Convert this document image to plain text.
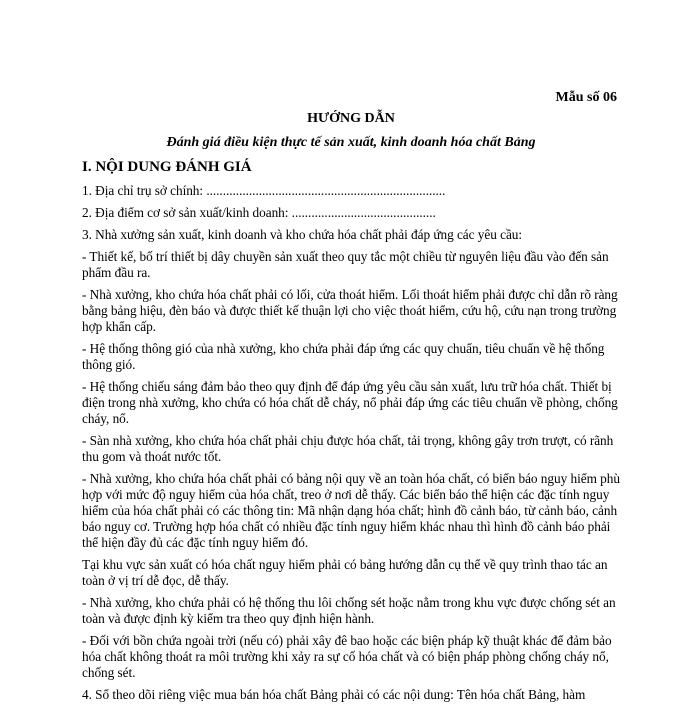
Mẫu số 06
HƯỚNG DẪN
Đánh giá điều kiện thực tế sản xuất, kinh doanh hóa chất Bảng
I. NỘI DUNG ĐÁNH GIÁ
1. Địa chỉ trụ sở chính: .........................................................................
2. Địa điểm cơ sở sản xuất/kinh doanh: ............................................
3. Nhà xưởng sản xuất, kinh doanh và kho chứa hóa chất phải đáp ứng các yêu cầu:
- Thiết kế, bố trí thiết bị dây chuyền sản xuất theo quy tắc một chiều từ nguyên liệu đầu vào đến sản phẩm đầu ra.
- Nhà xưởng, kho chứa hóa chất phải có lối, cửa thoát hiểm. Lối thoát hiểm phải được chỉ dẫn rõ ràng bằng bảng hiệu, đèn báo và được thiết kế thuận lợi cho việc thoát hiểm, cứu hộ, cứu nạn trong trường hợp khẩn cấp.
- Hệ thống thông gió của nhà xưởng, kho chứa phải đáp ứng các quy chuẩn, tiêu chuẩn về hệ thống thông gió.
- Hệ thống chiếu sáng đảm bảo theo quy định để đáp ứng yêu cầu sản xuất, lưu trữ hóa chất. Thiết bị điện trong nhà xưởng, kho chứa có hóa chất dễ cháy, nổ phải đáp ứng các tiêu chuẩn về phòng, chống cháy, nổ.
- Sàn nhà xưởng, kho chứa hóa chất phải chịu được hóa chất, tải trọng, không gây trơn trượt, có rãnh thu gom và thoát nước tốt.
- Nhà xưởng, kho chứa hóa chất phải có bảng nội quy về an toàn hóa chất, có biển báo nguy hiểm phù hợp với mức độ nguy hiểm của hóa chất, treo ở nơi dễ thấy. Các biển báo thể hiện các đặc tính nguy hiểm của hóa chất phải có các thông tin: Mã nhận dạng hóa chất; hình đồ cảnh báo, từ cảnh báo, cảnh báo nguy cơ. Trường hợp hóa chất có nhiều đặc tính nguy hiểm khác nhau thì hình đồ cảnh báo phải thể hiện đầy đủ các đặc tính nguy hiểm đó.
Tại khu vực sản xuất có hóa chất nguy hiểm phải có bảng hướng dẫn cụ thể về quy trình thao tác an toàn ở vị trí dễ đọc, dễ thấy.
- Nhà xưởng, kho chứa phải có hệ thống thu lôi chống sét hoặc nằm trong khu vực được chống sét an toàn và được định kỳ kiểm tra theo quy định hiện hành.
- Đối với bồn chứa ngoài trời (nếu có) phải xây đê bao hoặc các biện pháp kỹ thuật khác để đảm bảo hóa chất không thoát ra môi trường khi xảy ra sự cố hóa chất và có biện pháp phòng chống cháy nổ, chống sét.
4. Sổ theo dõi riêng việc mua bán hóa chất Bảng phải có các nội dung: Tên hóa chất Bảng, hàm
